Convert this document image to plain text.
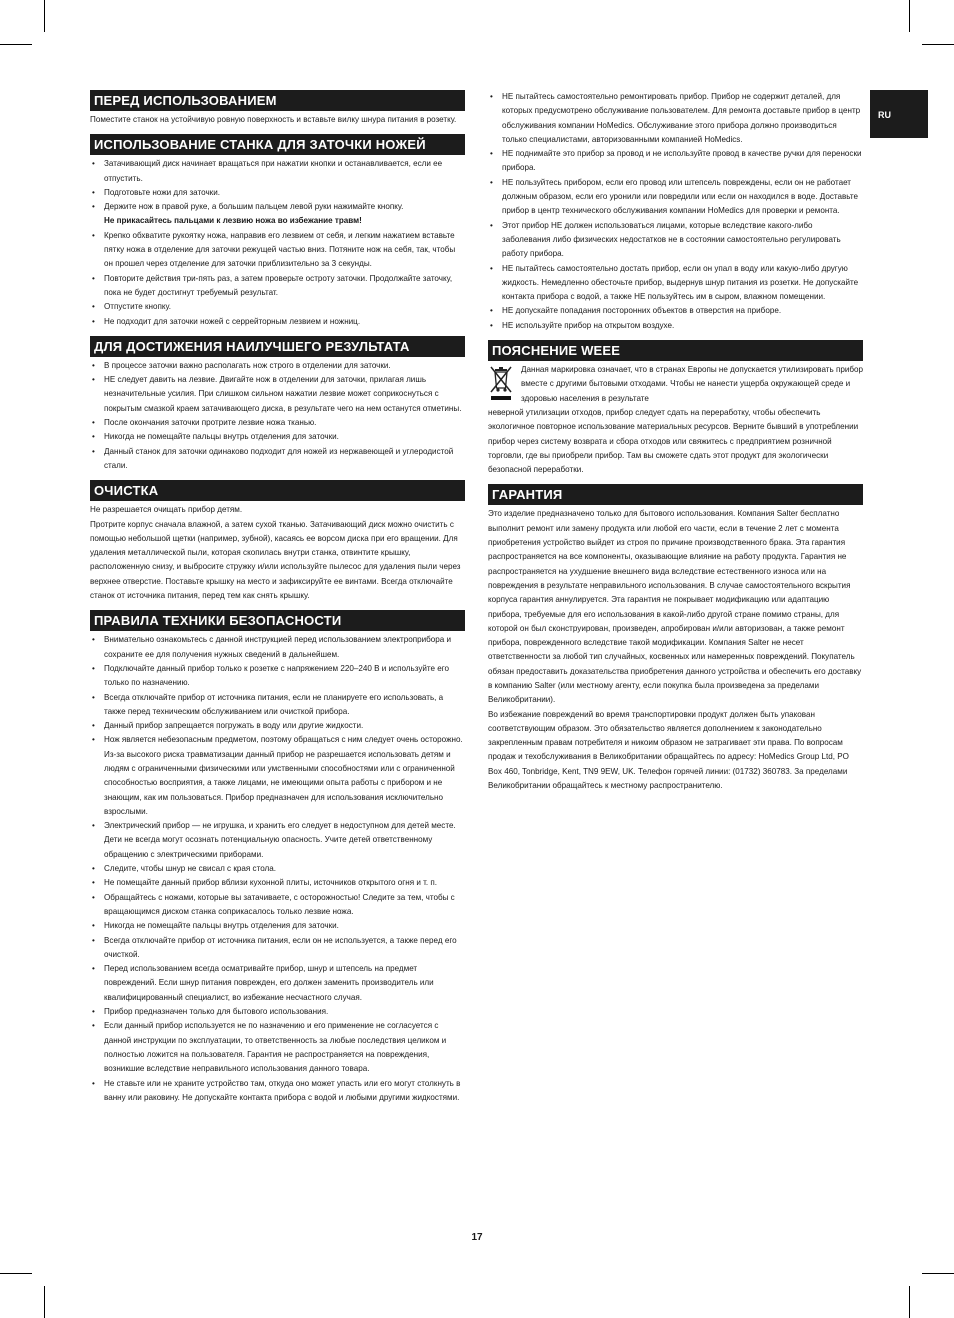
RU
ПЕРЕД ИСПОЛЬЗОВАНИЕМ

Поместите станок на устойчивую ровную поверхность и вставьте вилку шнура питания в розетку.

ИСПОЛЬЗОВАНИЕ СТАНКА ДЛЯ ЗАТОЧКИ НОЖЕЙ
• Затачивающий диск начинает вращаться при нажатии кнопки и останавливается, если ее отпустить.
• Подготовьте ножи для заточки.
• Держите нож в правой руке, а большим пальцем левой руки нажимайте кнопку.
Не прикасайтесь пальцами к лезвию ножа во избежание травм!
• Крепко обхватите рукоятку ножа, направив его лезвием от себя, и легким нажатием вставьте пятку ножа в отделение для заточки режущей частью вниз. Потяните нож на себя, так, чтобы он прошел через отделение для заточки приблизительно за 3 секунды.
• Повторите действия три-пять раз, а затем проверьте остроту заточки. Продолжайте заточку, пока не будет достигнут требуемый результат.
• Отпустите кнопку.
• Не подходит для заточки ножей с серрейторным лезвием и ножниц.
ДЛЯ ДОСТИЖЕНИЯ НАИЛУЧШЕГО РЕЗУЛЬТАТА
• В процессе заточки важно располагать нож строго в отделении для заточки.
• НЕ следует давить на лезвие. Двигайте нож в отделении для заточки, прилагая лишь незначительные усилия. При слишком сильном нажатии лезвие может соприкоснуться с покрытым смазкой краем затачивающего диска, в результате чего на нем останутся отметины.
• После окончания заточки протрите лезвие ножа тканью.
• Никогда не помещайте пальцы внутрь отделения для заточки.
• Данный станок для заточки одинаково подходит для ножей из нержавеющей и углеродистой стали.
ОЧИСТКА

Не разрешается очищать прибор детям.

Протрите корпус сначала влажной, а затем сухой тканью. Затачивающий диск можно очистить с помощью небольшой щетки (например, зубной), касаясь ее ворсом диска при его вращении. Для удаления металлической пыли, которая скопилась внутри станка, отвинтите крышку, расположенную снизу, и выбросите стружку и/или используйте пылесос для удаления пыли через верхнее отверстие. Поставьте крышку на место и зафиксируйте ее винтами. Всегда отключайте станок от источника питания, перед тем как снять крышку.

ПРАВИЛА ТЕХНИКИ БЕЗОПАСНОСТИ
• Внимательно ознакомьтесь с данной инструкцией перед использованием электроприбора и сохраните ее для получения нужных сведений в дальнейшем.
• Подключайте данный прибор только к розетке с напряжением 220–240 В и используйте его только по назначению.
• Всегда отключайте прибор от источника питания, если не планируете его использовать, а также перед техническим обслуживанием или очисткой прибора.
• Данный прибор запрещается погружать в воду или другие жидкости.
• Нож является небезопасным предметом, поэтому обращаться с ним следует очень осторожно. Из-за высокого риска травматизации данный прибор не разрешается использовать детям и людям с ограниченными физическими или умственными способностями или с ограниченной способностью восприятия, а также лицами, не имеющими опыта работы с прибором и не знающим, как им пользоваться. Прибор предназначен для использования исключительно взрослыми.
• Электрический прибор — не игрушка, и хранить его следует в недоступном для детей месте. Дети не всегда могут осознать потенциальную опасность. Учите детей ответственному обращению с электрическими приборами.
• Следите, чтобы шнур не свисал с края стола.
• Не помещайте данный прибор вблизи кухонной плиты, источников открытого огня и т. п.
• Обращайтесь с ножами, которые вы затачиваете, с осторожностью! Следите за тем, чтобы с вращающимся диском станка соприкасалось только лезвие ножа.
• Никогда не помещайте пальцы внутрь отделения для заточки.
• Всегда отключайте прибор от источника питания, если он не используется, а также перед его очисткой.
• Перед использованием всегда осматривайте прибор, шнур и штепсель на предмет повреждений. Если шнур питания поврежден, его должен заменить производитель или квалифицированный специалист, во избежание несчастного случая.
• Прибор предназначен только для бытового использования.
• Если данный прибор используется не по назначению и его применение не согласуется с данной инструкции по эксплуатации, то ответственность за любые последствия целиком и полностью ложится на пользователя. Гарантия не распространяется на повреждения, возникшие вследствие неправильного использования данного товара.
• Не ставьте или не храните устройство там, откуда оно может упасть или его могут столкнуть в ванну или раковину. Не допускайте контакта прибора с водой и любыми другими жидкостями.
• НЕ пытайтесь самостоятельно ремонтировать прибор. Прибор не содержит деталей, для которых предусмотрено обслуживание пользователем. Для ремонта доставьте прибор в центр обслуживания компании HoMedics. Обслуживание этого прибора должно производиться только специалистами, авторизованными компанией HoMedics.
• НЕ поднимайте это прибор за провод и не используйте провод в качестве ручки для переноски прибора.
• НЕ пользуйтесь прибором, если его провод или штепсель повреждены, если он не работает должным образом, если его уронили или повредили или если он находился в воде. Доставьте прибор в центр технического обслуживания компании HoMedics для проверки и ремонта.
• Этот прибор НЕ должен использоваться лицами, которые вследствие какого-либо заболевания либо физических недостатков не в состоянии самостоятельно регулировать работу прибора.
• НЕ пытайтесь самостоятельно достать прибор, если он упал в воду или какую-либо другую жидкость. Немедленно обесточьте прибор, выдернув шнур питания из розетки. Не допускайте контакта прибора с водой, а также НЕ пользуйтесь им в сыром, влажном помещении.
• НЕ допускайте попадания посторонних объектов в отверстия на приборе.
• НЕ используйте прибор на открытом воздухе.
ПОЯСНЕНИЕ WEEE

Данная маркировка означает, что в странах Европы не допускается утилизировать прибор вместе с другими бытовыми отходами. Чтобы не нанести ущерба окружающей среде и здоровью населения в результате

неверной утилизации отходов, прибор следует сдать на переработку, чтобы обеспечить экологичное повторное использование материальных ресурсов. Верните бывший в употреблении прибор через систему возврата и сбора отходов или свяжитесь с предприятием розничной торговли, где вы приобрели прибор. Там вы сможете сдать этот продукт для экологически безопасной переработки.

ГАРАНТИЯ

Это изделие предназначено только для бытового использования. Компания Salter бесплатно выполнит ремонт или замену продукта или любой его части, если в течение 2 лет с момента приобретения устройство выйдет из строя по причине производственного брака. Эта гарантия распространяется на все компоненты, оказывающие влияние на работу продукта. Гарантия не распространяется на ухудшение внешнего вида вследствие естественного износа или на повреждения в результате неправильного использования. В случае самостоятельного вскрытия корпуса гарантия аннулируется. Эта гарантия не покрывает модификацию или адаптацию прибора, требуемые для его использования в какой-либо другой стране помимо страны, для которой он был сконструирован, произведен, апробирован и/или авторизован, а также ремонт прибора, поврежденного вследствие такой модификации. Компания Salter не несет ответственности за любой тип случайных, косвенных или намеренных повреждений. Покупатель обязан предоставить доказательства приобретения данного устройства и обеспечить его доставку в компанию Salter (или местному агенту, если покупка была произведена за пределами Великобритании).

Во избежание повреждений во время транспортировки продукт должен быть упакован соответствующим образом. Это обязательство является дополнением к законодательно закрепленным правам потребителя и никоим образом не затрагивает эти права. По вопросам продаж и техобслуживания в Великобритании обращайтесь по адресу: HoMedics Group Ltd, PO Box 460, Tonbridge, Kent, TN9 9EW, UK. Телефон горячей линии: (01732) 360783. За пределами Великобритании обращайтесь к местному распространителю.

17
